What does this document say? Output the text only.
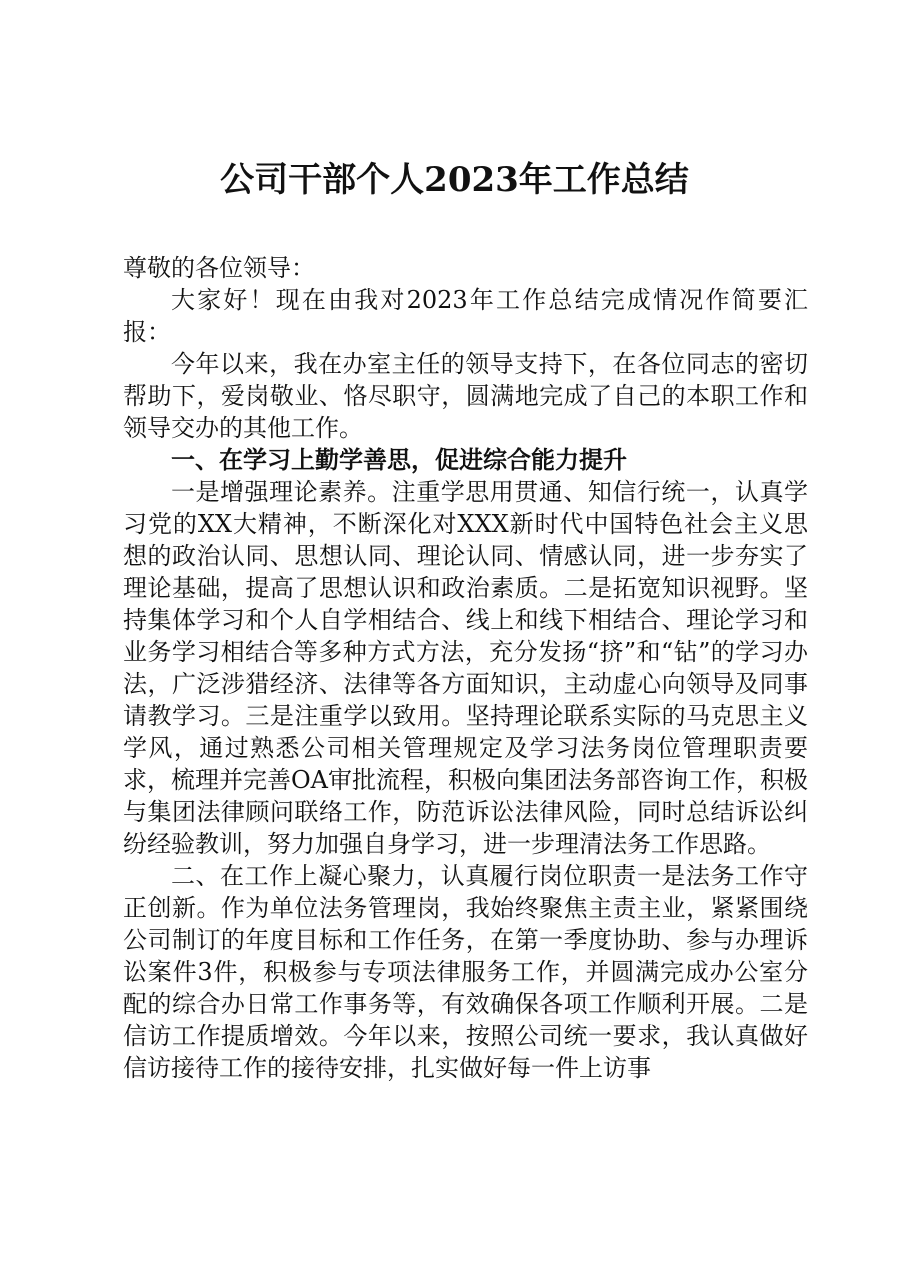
公司干部个人2023年工作总结

尊敬的各位领导：

大家好！现在由我对2023年工作总结完成情况作简要汇报：

今年以来，我在办室主任的领导支持下，在各位同志的密切帮助下，爱岗敬业、恪尽职守，圆满地完成了自己的本职工作和领导交办的其他工作。

一、在学习上勤学善思，促进综合能力提升

一是增强理论素养。注重学思用贯通、知信行统一，认真学习党的XX大精神，不断深化对XXX新时代中国特色社会主义思想的政治认同、思想认同、理论认同、情感认同，进一步夯实了理论基础，提高了思想认识和政治素质。二是拓宽知识视野。坚持集体学习和个人自学相结合、线上和线下相结合、理论学习和业务学习相结合等多种方式方法，充分发扬“挤”和“钻”的学习办法，广泛涉猎经济、法律等各方面知识，主动虚心向领导及同事请教学习。三是注重学以致用。坚持理论联系实际的马克思主义学风，通过熟悉公司相关管理规定及学习法务岗位管理职责要求，梳理并完善OA审批流程，积极向集团法务部咨询工作，积极与集团法律顾问联络工作，防范诉讼法律风险，同时总结诉讼纠纷经验教训，努力加强自身学习，进一步理清法务工作思路。

二、在工作上凝心聚力，认真履行岗位职责一是法务工作守正创新。作为单位法务管理岗，我始终聚焦主责主业，紧紧围绕公司制订的年度目标和工作任务，在第一季度协助、参与办理诉讼案件3件，积极参与专项法律服务工作，并圆满完成办公室分配的综合办日常工作事务等，有效确保各项工作顺利开展。二是信访工作提质增效。今年以来，按照公司统一要求，我认真做好信访接待工作的接待安排，扎实做好每一件上访事
